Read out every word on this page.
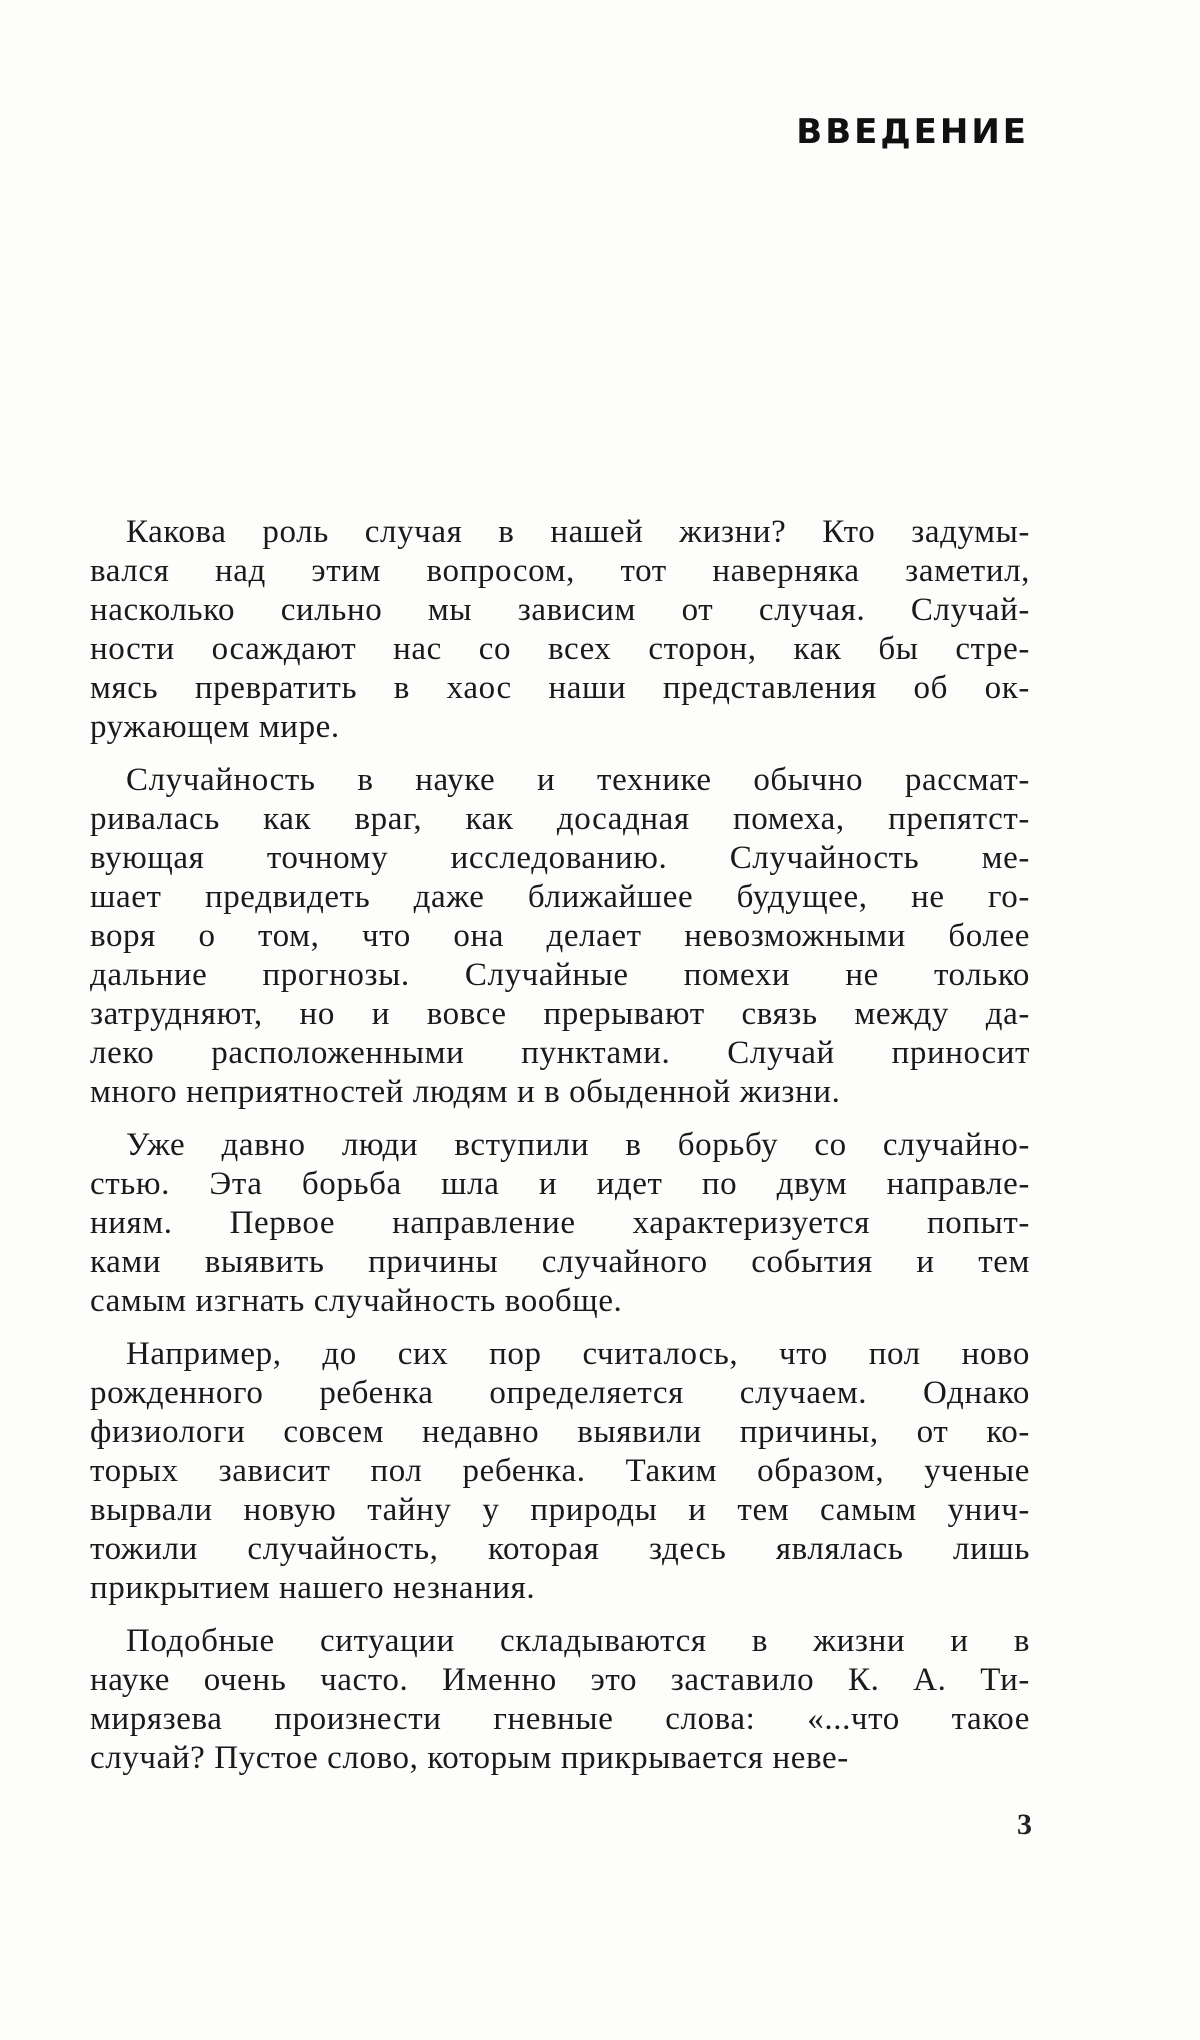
ВВЕДЕНИЕ
Какова роль случая в нашей жизни? Кто задумы-
вался над этим вопросом, тот наверняка заметил,
насколько сильно мы зависим от случая. Случай-
ности осаждают нас со всех сторон, как бы стре-
мясь превратить в хаос наши представления об ок-
ружающем мире.
Случайность в науке и технике обычно рассмат-
ривалась как враг, как досадная помеха, препятст-
вующая точному исследованию. Случайность ме-
шает предвидеть даже ближайшее будущее, не го-
воря о том, что она делает невозможными более
дальние прогнозы. Случайные помехи не только
затрудняют, но и вовсе прерывают связь между да-
леко расположенными пунктами. Случай приносит
много неприятностей людям и в обыденной жизни.
Уже давно люди вступили в борьбу со случайно-
стью. Эта борьба шла и идет по двум направле-
ниям. Первое направление характеризуется попыт-
ками выявить причины случайного события и тем
самым изгнать случайность вообще.
Например, до сих пор считалось, что пол ново
рожденного ребенка определяется случаем. Однако
физиологи совсем недавно выявили причины, от ко-
торых зависит пол ребенка. Таким образом, ученые
вырвали новую тайну у природы и тем самым унич-
тожили случайность, которая здесь являлась лишь
прикрытием нашего незнания.
Подобные ситуации складываются в жизни и в
науке очень часто. Именно это заставило К. А. Ти-
мирязева произнести гневные слова: «...что такое
случай? Пустое слово, которым прикрывается неве-
3
